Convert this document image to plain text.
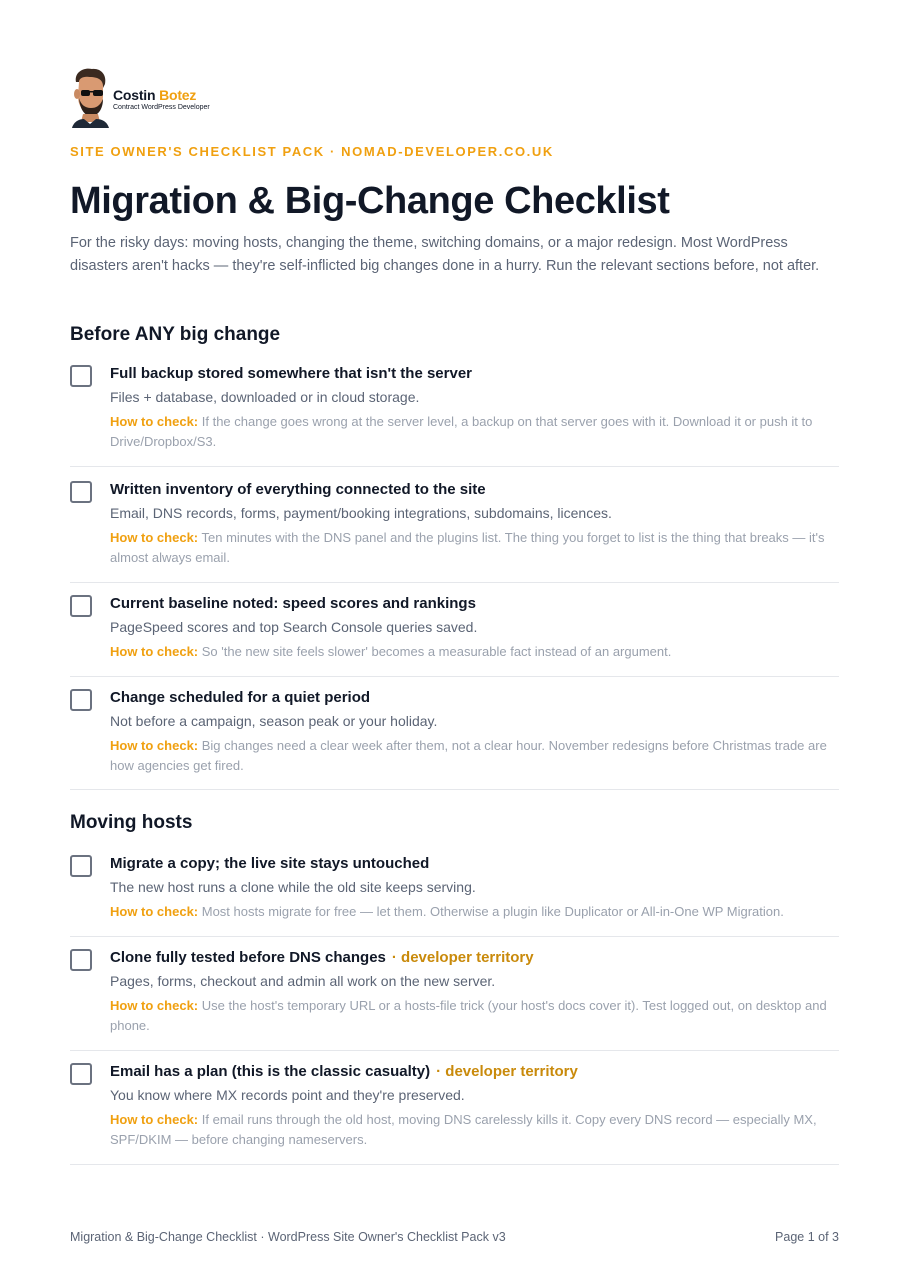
Costin Botez
Contract WordPress Developer
SITE OWNER'S CHECKLIST PACK · NOMAD-DEVELOPER.CO.UK
Migration & Big-Change Checklist
For the risky days: moving hosts, changing the theme, switching domains, or a major redesign. Most WordPress disasters aren't hacks — they're self-inflicted big changes done in a hurry. Run the relevant sections before, not after.
Before ANY big change
Full backup stored somewhere that isn't the server
Files + database, downloaded or in cloud storage.
How to check: If the change goes wrong at the server level, a backup on that server goes with it. Download it or push it to Drive/Dropbox/S3.
Written inventory of everything connected to the site
Email, DNS records, forms, payment/booking integrations, subdomains, licences.
How to check: Ten minutes with the DNS panel and the plugins list. The thing you forget to list is the thing that breaks — it's almost always email.
Current baseline noted: speed scores and rankings
PageSpeed scores and top Search Console queries saved.
How to check: So 'the new site feels slower' becomes a measurable fact instead of an argument.
Change scheduled for a quiet period
Not before a campaign, season peak or your holiday.
How to check: Big changes need a clear week after them, not a clear hour. November redesigns before Christmas trade are how agencies get fired.
Moving hosts
Migrate a copy; the live site stays untouched
The new host runs a clone while the old site keeps serving.
How to check: Most hosts migrate for free — let them. Otherwise a plugin like Duplicator or All-in-One WP Migration.
Clone fully tested before DNS changes · developer territory
Pages, forms, checkout and admin all work on the new server.
How to check: Use the host's temporary URL or a hosts-file trick (your host's docs cover it). Test logged out, on desktop and phone.
Email has a plan (this is the classic casualty) · developer territory
You know where MX records point and they're preserved.
How to check: If email runs through the old host, moving DNS carelessly kills it. Copy every DNS record — especially MX, SPF/DKIM — before changing nameservers.
Migration & Big-Change Checklist · WordPress Site Owner's Checklist Pack v3	Page 1 of 3
